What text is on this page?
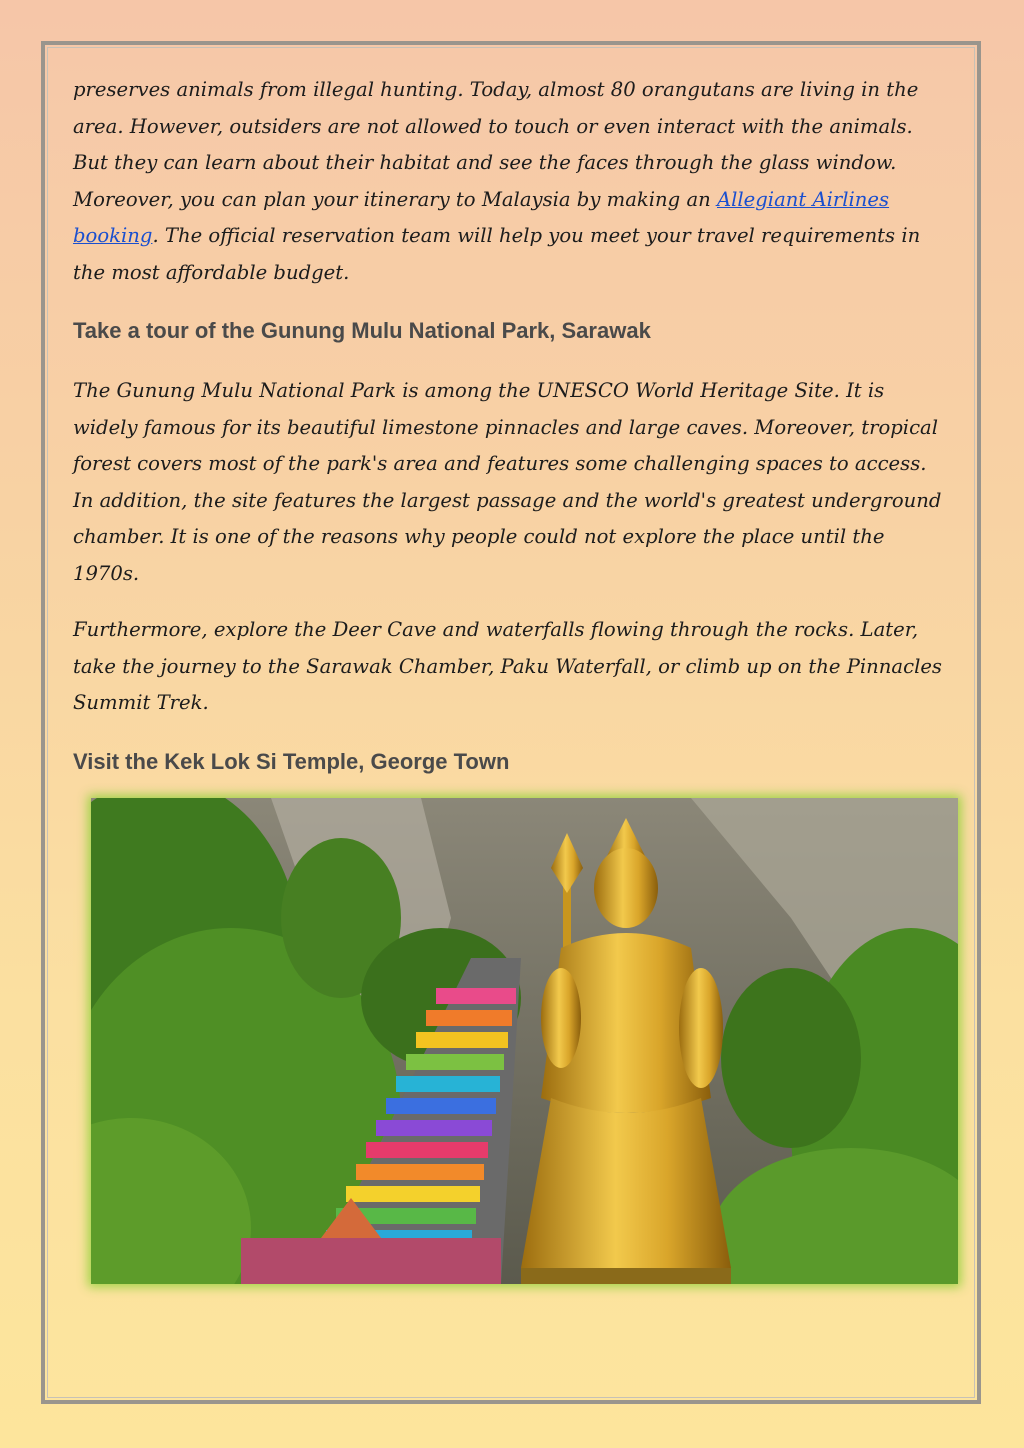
preserves animals from illegal hunting. Today, almost 80 orangutans are living in the area. However, outsiders are not allowed to touch or even interact with the animals. But they can learn about their habitat and see the faces through the glass window. Moreover, you can plan your itinerary to Malaysia by making an Allegiant Airlines booking. The official reservation team will help you meet your travel requirements in the most affordable budget.

Take a tour of the Gunung Mulu National Park, Sarawak

The Gunung Mulu National Park is among the UNESCO World Heritage Site. It is widely famous for its beautiful limestone pinnacles and large caves. Moreover, tropical forest covers most of the park's area and features some challenging spaces to access. In addition, the site features the largest passage and the world's greatest underground chamber. It is one of the reasons why people could not explore the place until the 1970s.

Furthermore, explore the Deer Cave and waterfalls flowing through the rocks. Later, take the journey to the Sarawak Chamber, Paku Waterfall, or climb up on the Pinnacles Summit Trek.

Visit the Kek Lok Si Temple, George Town
